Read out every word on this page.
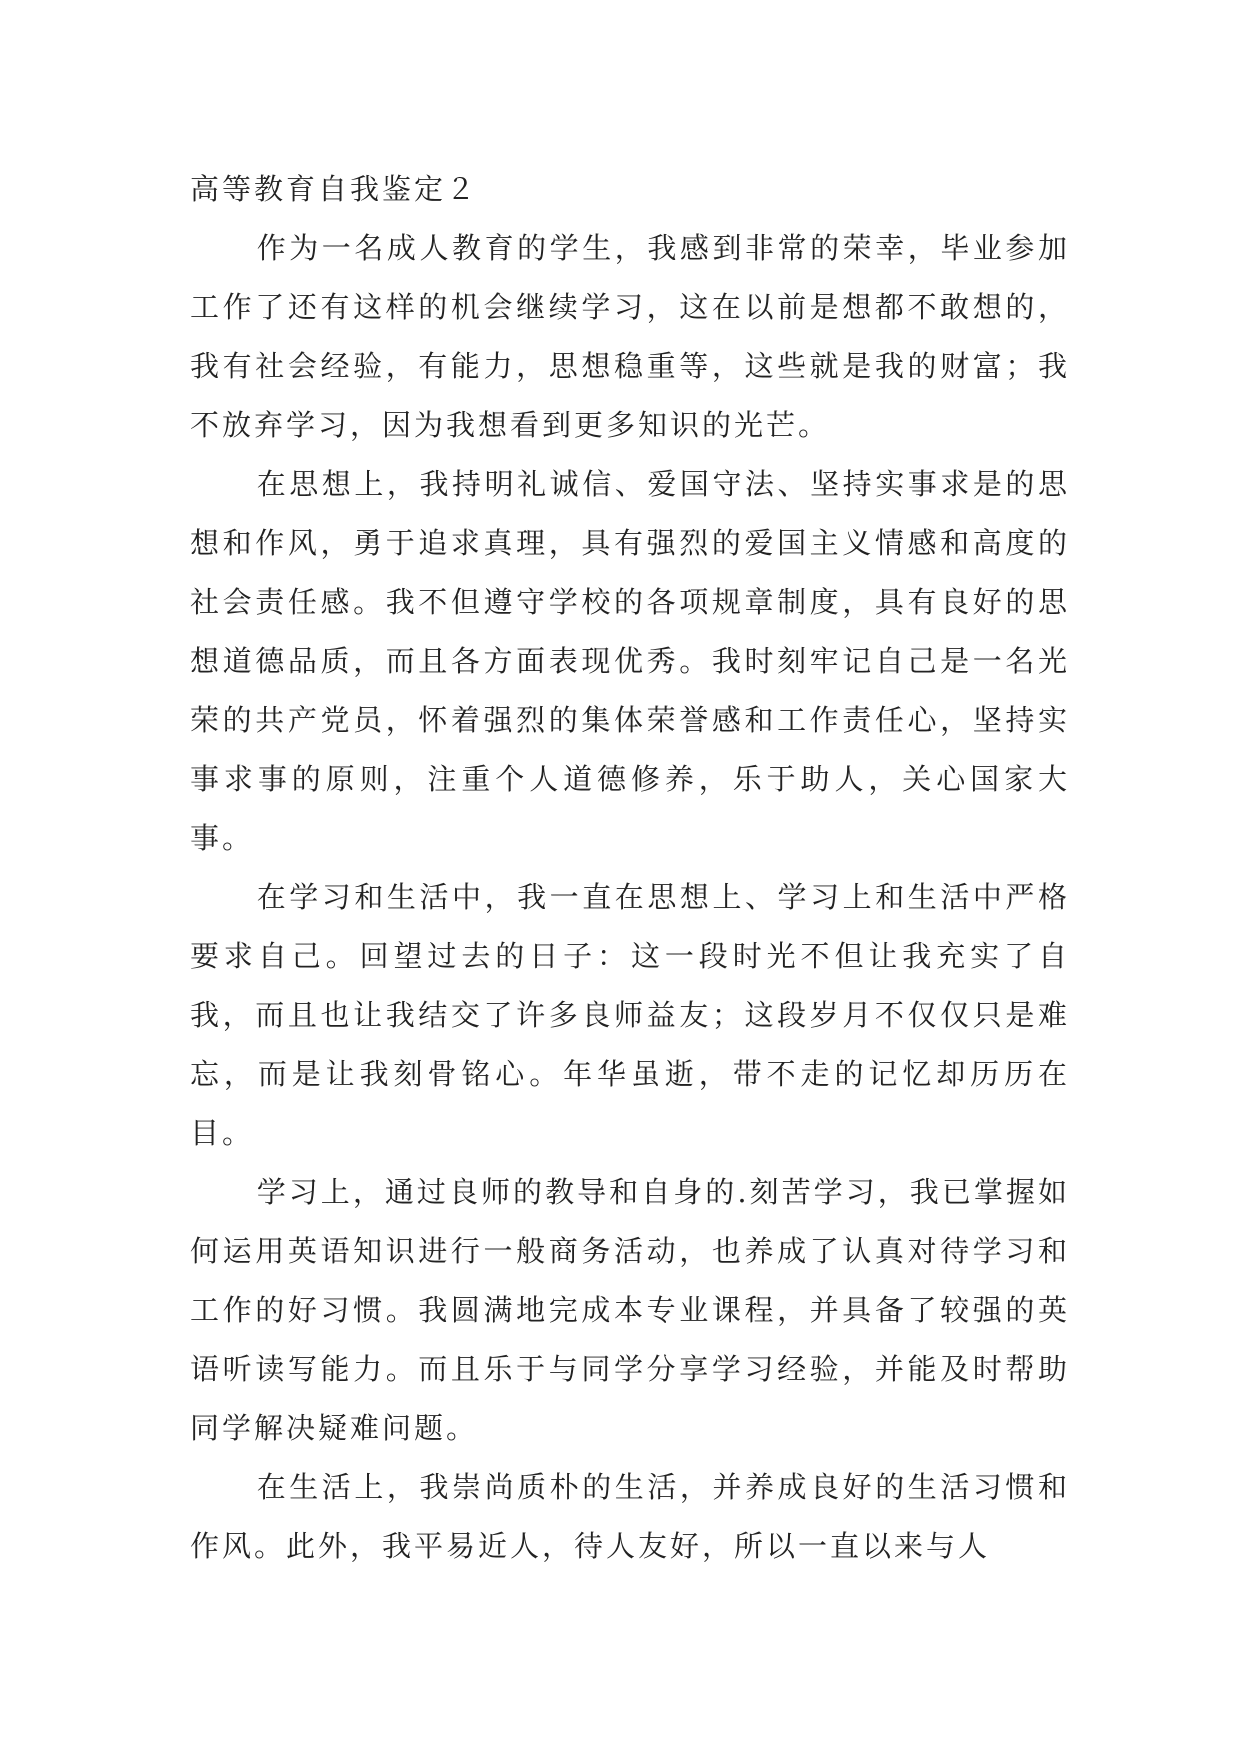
高等教育自我鉴定２

作为一名成人教育的学生，我感到非常的荣幸，毕业参加工作了还有这样的机会继续学习，这在以前是想都不敢想的，我有社会经验，有能力，思想稳重等，这些就是我的财富；我不放弃学习，因为我想看到更多知识的光芒。

在思想上，我持明礼诚信、爱国守法、坚持实事求是的思想和作风，勇于追求真理，具有强烈的爱国主义情感和高度的社会责任感。我不但遵守学校的各项规章制度，具有良好的思想道德品质，而且各方面表现优秀。我时刻牢记自己是一名光荣的共产党员，怀着强烈的集体荣誉感和工作责任心，坚持实事求事的原则，注重个人道德修养，乐于助人，关心国家大事。

在学习和生活中，我一直在思想上、学习上和生活中严格要求自己。回望过去的日子：这一段时光不但让我充实了自我，而且也让我结交了许多良师益友；这段岁月不仅仅只是难忘，而是让我刻骨铭心。年华虽逝，带不走的记忆却历历在目。

学习上，通过良师的教导和自身的.刻苦学习，我已掌握如何运用英语知识进行一般商务活动，也养成了认真对待学习和工作的好习惯。我圆满地完成本专业课程，并具备了较强的英语听读写能力。而且乐于与同学分享学习经验，并能及时帮助同学解决疑难问题。

在生活上，我崇尚质朴的生活，并养成良好的生活习惯和作风。此外，我平易近人，待人友好，所以一直以来与人
